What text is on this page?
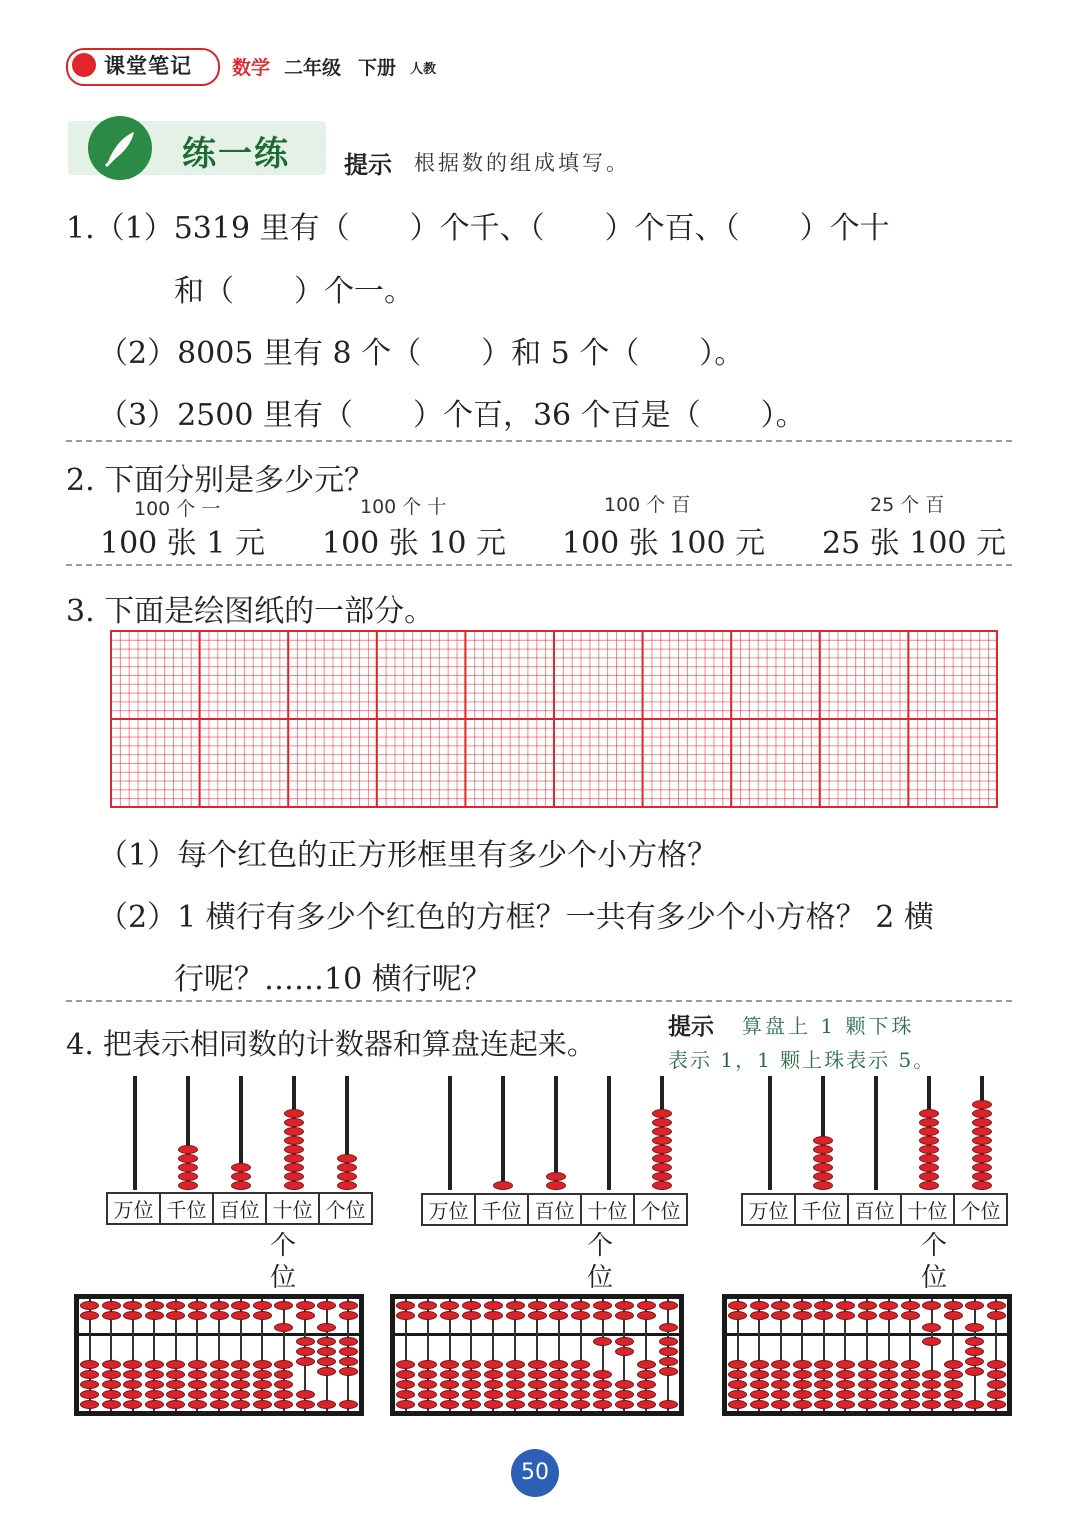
课堂笔记 数学 二年级 下册 人教
练一练 提示 根据数的组成填写。
1.（1）5319 里有（　　）个千、（　　）个百、（　　）个十
和（　　）个一。
（2）8005 里有 8 个（　　）和 5 个（　　）。
（3）2500 里有（　　）个百，36 个百是（　　）。
2. 下面分别是多少元？
100 个 一	100 个 十	100 个 百	25 个 百
100 张 1 元 100 张 10 元 100 张 100 元 25 张 100 元
3. 下面是绘图纸的一部分。
（1）每个红色的正方形框里有多少个小方格？
（2）1 横行有多少个红色的方框？一共有多少个小方格？ 2 横
行呢？……10 横行呢？
4. 把表示相同数的计数器和算盘连起来。	提示 算盘上 1 颗下珠
表示 1，1 颗上珠表示 5。
万位	千位	百位	十位	个位	万位	千位	百位	十位	个位	万位	千位	百位	十位	个位
个
位
个
位
个
位
50
